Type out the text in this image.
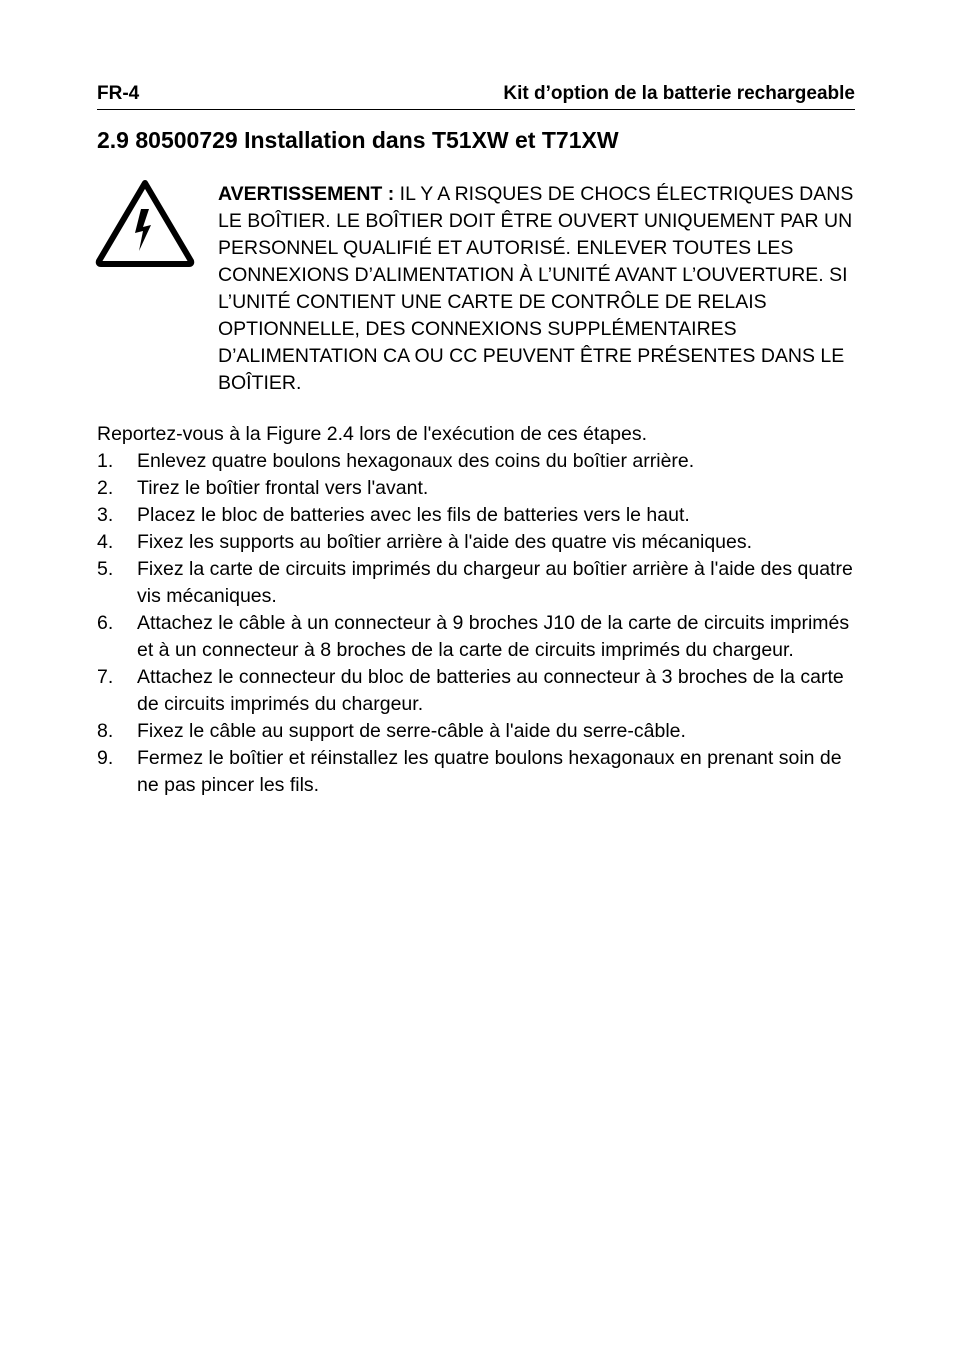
FR-4	Kit d’option de la batterie rechargeable
2.9 80500729 Installation dans T51XW et T71XW
AVERTISSEMENT : IL Y A RISQUES DE CHOCS ÉLECTRIQUES DANS LE BOÎTIER. LE BOÎTIER DOIT ÊTRE OUVERT UNIQUEMENT PAR UN PERSONNEL QUALIFIÉ ET AUTORISÉ. ENLEVER TOUTES LES CONNEXIONS D’ALIMENTATION À L’UNITÉ AVANT L’OUVERTURE. SI L’UNITÉ CONTIENT UNE CARTE DE CONTRÔLE DE RELAIS OPTIONNELLE, DES CONNEXIONS SUPPLÉMENTAIRES D’ALIMENTATION CA OU CC PEUVENT ÊTRE PRÉSENTES DANS LE BOÎTIER.
Reportez-vous à la Figure 2.4 lors de l'exécution de ces étapes.
1. Enlevez quatre boulons hexagonaux des coins du boîtier arrière.
2. Tirez le boîtier frontal vers l'avant.
3. Placez le bloc de batteries avec les fils de batteries vers le haut.
4. Fixez les supports au boîtier arrière à l'aide des quatre vis mécaniques.
5. Fixez la carte de circuits imprimés du chargeur au boîtier arrière à l'aide des quatre vis mécaniques.
6. Attachez le câble à un connecteur à 9 broches J10 de la carte de circuits imprimés et à un connecteur à 8 broches de la carte de circuits imprimés du chargeur.
7. Attachez le connecteur du bloc de batteries au connecteur à 3 broches de la carte de circuits imprimés du chargeur.
8. Fixez le câble au support de serre-câble à l'aide du serre-câble.
9. Fermez le boîtier et réinstallez les quatre boulons hexagonaux en prenant soin de ne pas pincer les fils.
